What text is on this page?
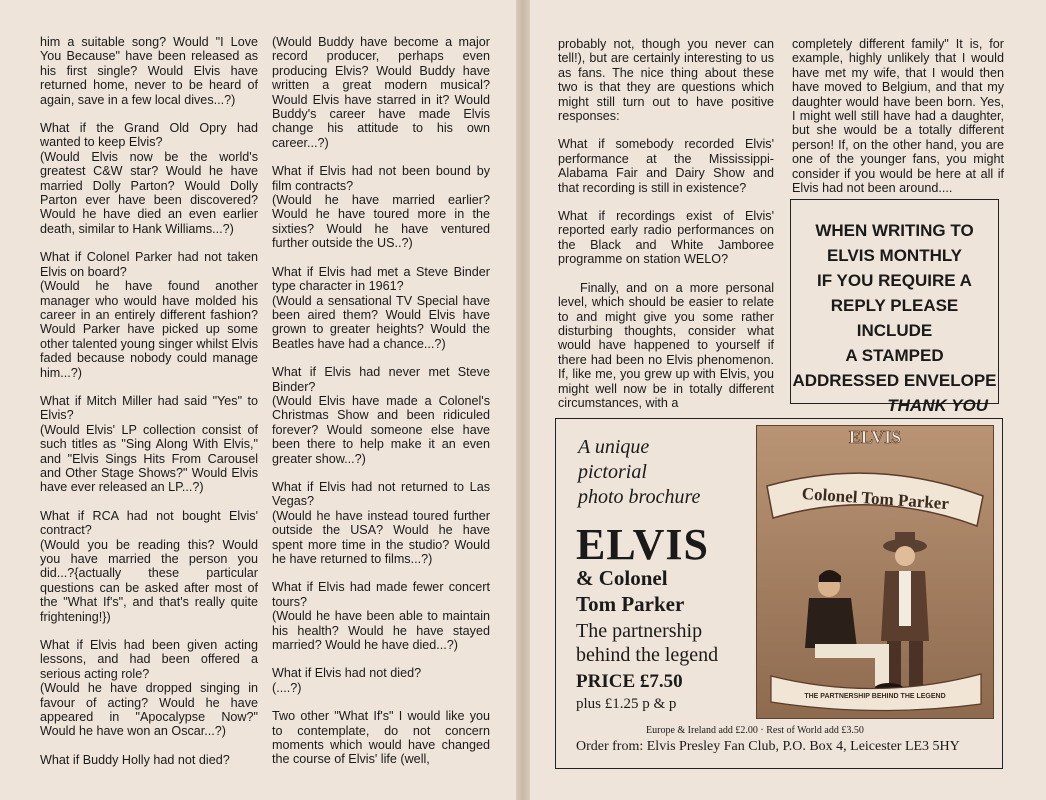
him a suitable song? Would "I Love You Because" have been released as his first single? Would Elvis have returned home, never to be heard of again, save in a few local dives...?)

What if the Grand Old Opry had wanted to keep Elvis?
(Would Elvis now be the world's greatest C&W star? Would he have married Dolly Parton? Would Dolly Parton ever have been discovered? Would he have died an even earlier death, similar to Hank Williams...?)

What if Colonel Parker had not taken Elvis on board?
(Would he have found another manager who would have molded his career in an entirely different fashion? Would Parker have picked up some other talented young singer whilst Elvis faded because nobody could manage him...?)

What if Mitch Miller had said "Yes" to Elvis?
(Would Elvis' LP collection consist of such titles as "Sing Along With Elvis," and "Elvis Sings Hits From Carousel and Other Stage Shows?" Would Elvis have ever released an LP...?)

What if RCA had not bought Elvis' contract?
(Would you be reading this? Would you have married the person you did...?{actually these particular questions can be asked after most of the "What If's", and that's really quite frightening!})

What if Elvis had been given acting lessons, and had been offered a serious acting role?
(Would he have dropped singing in favour of acting? Would he have appeared in "Apocalypse Now?" Would he have won an Oscar...?)

What if Buddy Holly had not died?

(Would Buddy have become a major record producer, perhaps even producing Elvis? Would Buddy have written a great modern musical? Would Elvis have starred in it? Would Buddy's career have made Elvis change his attitude to his own career...?)

What if Elvis had not been bound by film contracts?
(Would he have married earlier? Would he have toured more in the sixties? Would he have ventured further outside the US..?)

What if Elvis had met a Steve Binder type character in 1961?
(Would a sensational TV Special have been aired them? Would Elvis have grown to greater heights? Would the Beatles have had a chance...?)

What if Elvis had never met Steve Binder?
(Would Elvis have made a Colonel's Christmas Show and been ridiculed forever? Would someone else have been there to help make it an even greater show...?)

What if Elvis had not returned to Las Vegas?
(Would he have instead toured further outside the USA? Would he have spent more time in the studio? Would he have returned to films...?)

What if Elvis had made fewer concert tours?
(Would he have been able to maintain his health? Would he have stayed married? Would he have died...?)

What if Elvis had not died?
(....?)

Two other "What If's" I would like you to contemplate, do not concern moments which would have changed the course of Elvis' life (well,

probably not, though you never can tell!), but are certainly interesting to us as fans. The nice thing about these two is that they are questions which might still turn out to have positive responses:

What if somebody recorded Elvis' performance at the Mississippi-Alabama Fair and Dairy Show and that recording is still in existence?

What if recordings exist of Elvis' reported early radio performances on the Black and White Jamboree programme on station WELO?

Finally, and on a more personal level, which should be easier to relate to and might give you some rather disturbing thoughts, consider what would have happened to yourself if there had been no Elvis phenomenon. If, like me, you grew up with Elvis, you might well now be in totally different circumstances, with a

completely different family" It is, for example, highly unlikely that I would have met my wife, that I would then have moved to Belgium, and that my daughter would have been born. Yes, I might well still have had a daughter, but she would be a totally different person! If, on the other hand, you are one of the younger fans, you might consider if you would be here at all if Elvis had not been around....

WHEN WRITING TO
ELVIS MONTHLY
IF YOU REQUIRE A
REPLY PLEASE INCLUDE
A STAMPED
ADDRESSED ENVELOPE
THANK YOU
A unique
pictorial
photo brochure
ELVIS
& Colonel
Tom Parker
The partnership
behind the legend
PRICE £7.50
plus £1.25 p & p
Europe & Ireland add £2.00 · Rest of World add £3.50
Order from: Elvis Presley Fan Club, P.O. Box 4, Leicester LE3 5HY
ELVIS
Colonel Tom Parker
THE PARTNERSHIP BEHIND THE LEGEND
